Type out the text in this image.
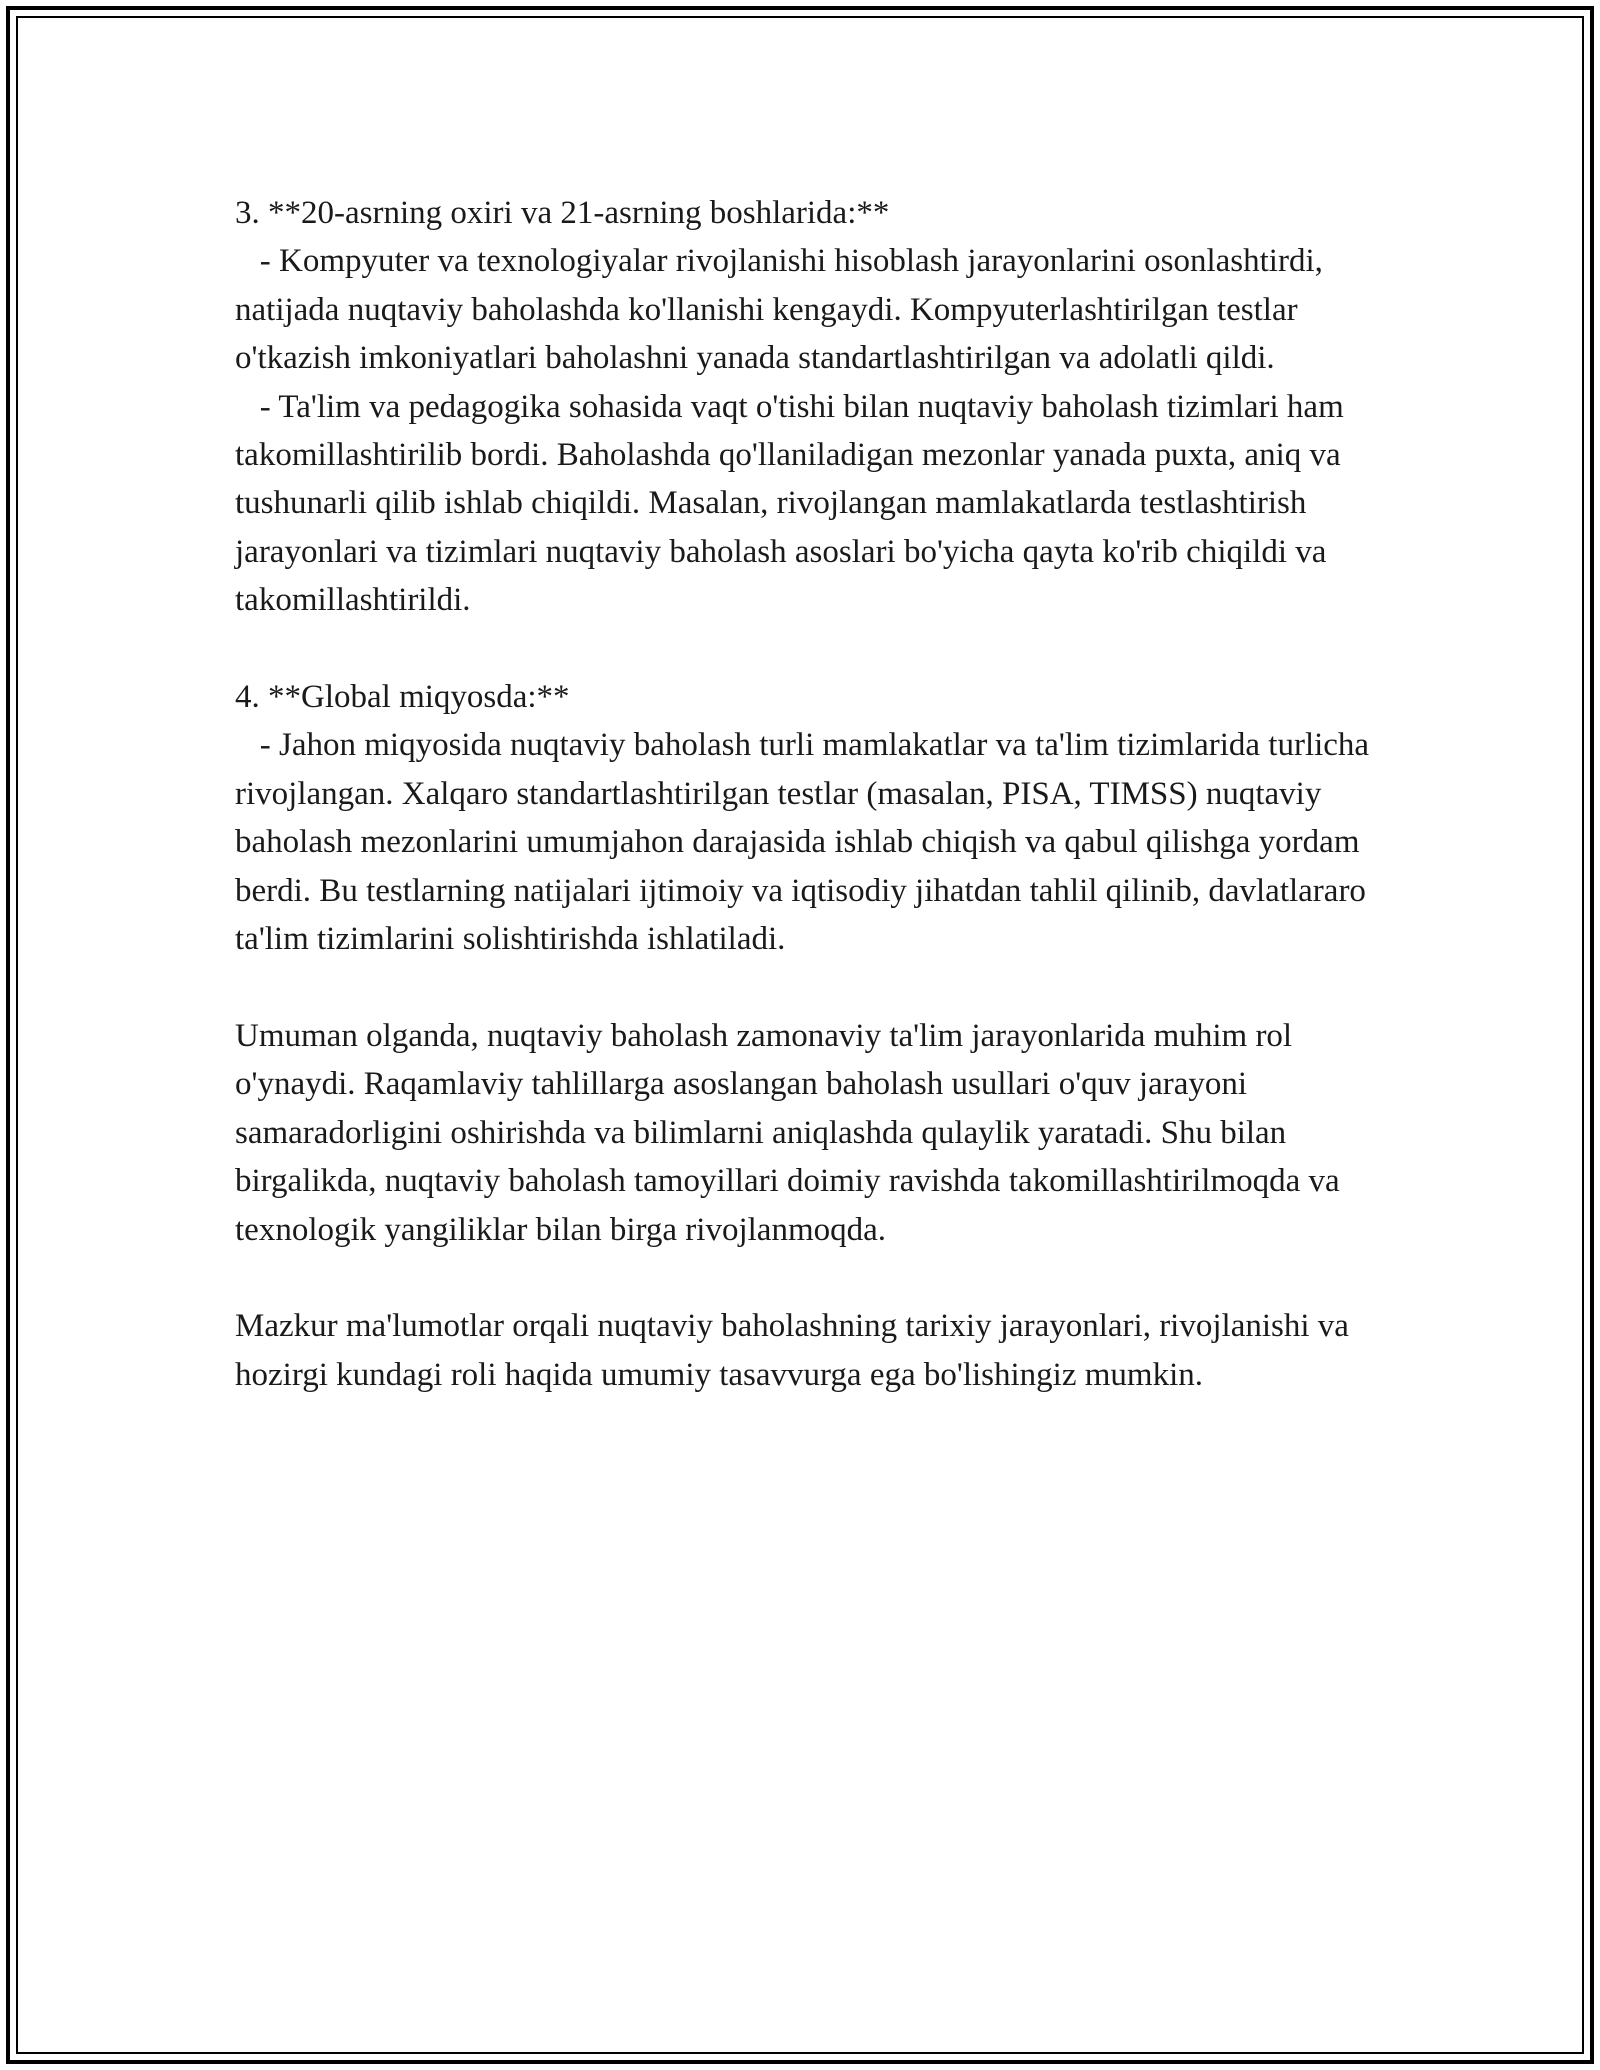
3. **20-asrning oxiri va 21-asrning boshlarida:**

- Kompyuter va texnologiyalar rivojlanishi hisoblash jarayonlarini osonlashtirdi, natijada nuqtaviy baholashda ko'llanishi kengaydi. Kompyuterlashtirilgan testlar o'tkazish imkoniyatlari baholashni yanada standartlashtirilgan va adolatli qildi.

- Ta'lim va pedagogika sohasida vaqt o'tishi bilan nuqtaviy baholash tizimlari ham takomillashtirilib bordi. Baholashda qo'llaniladigan mezonlar yanada puxta, aniq va tushunarli qilib ishlab chiqildi. Masalan, rivojlangan mamlakatlarda testlashtirish jarayonlari va tizimlari nuqtaviy baholash asoslari bo'yicha qayta ko'rib chiqildi va takomillashtirildi.

4. **Global miqyosda:**

- Jahon miqyosida nuqtaviy baholash turli mamlakatlar va ta'lim tizimlarida turlicha rivojlangan. Xalqaro standartlashtirilgan testlar (masalan, PISA, TIMSS) nuqtaviy baholash mezonlarini umumjahon darajasida ishlab chiqish va qabul qilishga yordam berdi. Bu testlarning natijalari ijtimoiy va iqtisodiy jihatdan tahlil qilinib, davlatlararo ta'lim tizimlarini solishtirishda ishlatiladi.

Umuman olganda, nuqtaviy baholash zamonaviy ta'lim jarayonlarida muhim rol o'ynaydi. Raqamlaviy tahlillarga asoslangan baholash usullari o'quv jarayoni samaradorligini oshirishda va bilimlarni aniqlashda qulaylik yaratadi. Shu bilan birgalikda, nuqtaviy baholash tamoyillari doimiy ravishda takomillashtirilmoqda va texnologik yangiliklar bilan birga rivojlanmoqda.

Mazkur ma'lumotlar orqali nuqtaviy baholashning tarixiy jarayonlari, rivojlanishi va hozirgi kundagi roli haqida umumiy tasavvurga ega bo'lishingiz mumkin.
